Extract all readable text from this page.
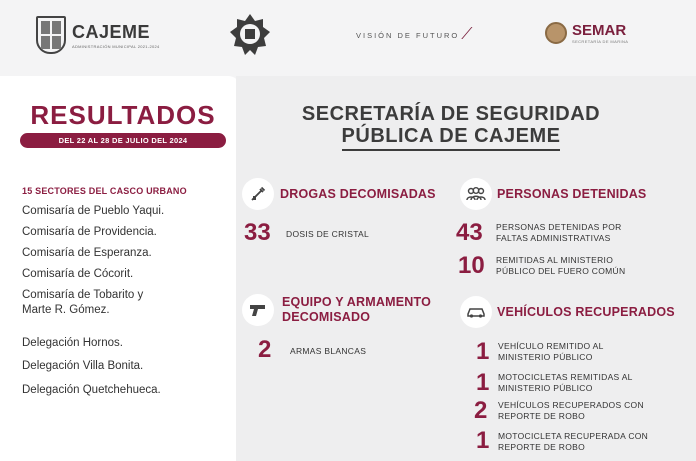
CAJEME
ADMINISTRACIÓN MUNICIPAL 2021-2024
VISIÓN DE FUTURO ⟋	SEMAR
SECRETARÍA DE MARINA
RESULTADOS
DEL 22 AL 28 DE JULIO DEL 2024
15 SECTORES DEL CASCO URBANO
Comisaría de Pueblo Yaqui.
Comisaría de Providencia.
Comisaría de Esperanza.
Comisaría de Cócorit.
Comisaría de Tobarito y
Marte R. Gómez.
Delegación Hornos.
Delegación Villa Bonita.
Delegación Quetchehueca.
SECRETARÍA DE SEGURIDAD
PÚBLICA DE CAJEME
DROGAS DECOMISADAS
33 DOSIS DE CRISTAL
EQUIPO Y ARMAMENTO
DECOMISADO
2 ARMAS BLANCAS
PERSONAS DETENIDAS
43 PERSONAS DETENIDAS POR
FALTAS ADMINISTRATIVAS
10 REMITIDAS AL MINISTERIO
PÚBLICO DEL FUERO COMÚN
VEHÍCULOS RECUPERADOS
1 VEHÍCULO REMITIDO AL
MINISTERIO PÚBLICO
1 MOTOCICLETAS REMITIDAS AL
MINISTERIO PÚBLICO
2 VEHÍCULOS RECUPERADOS CON
REPORTE DE ROBO
1 MOTOCICLETA RECUPERADA CON
REPORTE DE ROBO
